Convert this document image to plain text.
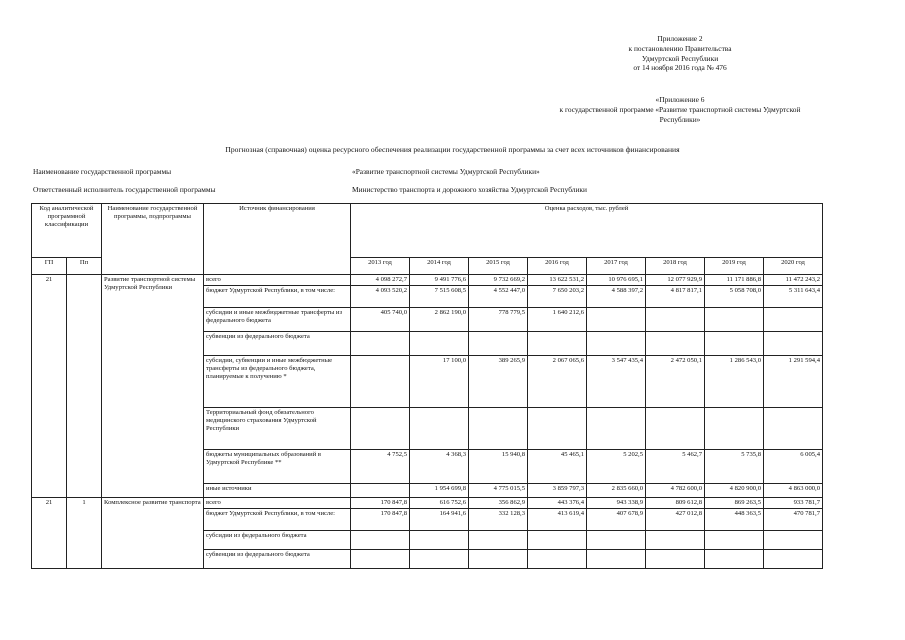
Приложение 2
к постановлению Правительства
Удмуртской Республики
от 14 ноября 2016 года № 476
«Приложение 6
к государственной программе «Развитие транспортной системы Удмуртской
Республики»
Прогнозная (справочная) оценка ресурсного обеспечения реализации государственной программы за счет всех источников финансирования
Наименование государственной программы	«Развитие транспортной системы Удмуртской Республики»
Ответственный исполнитель государственной программы	Министерство транспорта и дорожного хозяйства Удмуртской Республики
Код аналитической программной классификации		Наименование государственной программы, подпрограммы	Источник финансирования	Оценка расходов, тыс. рублей							

ГП	Пп			2013 год	2014 год	2015 год	2016 год	2017 год	2018 год	2019 год	2020 год
21		Развитие транспортной системы Удмуртской Республики	всего	4 098 272,7	9 491 776,6	9 732 669,2	13 622 531,2	10 976 695,1	12 077 929,9	11 171 886,8	11 472 243,2
			бюджет Удмуртской Республики, в том числе:	4 093 520,2	7 515 608,5	4 552 447,0	7 650 203,2	4 588 397,2	4 817 817,1	5 058 708,0	5 311 643,4
			субсидии и иные межбюджетные трансферты из федерального бюджета	405 740,0	2 862 190,0	778 779,5	1 640 212,6				
			субвенции из федерального бюджета								
			субсидии, субвенции и иные межбюджетные трансферты из федерального бюджета, планируемые к получению *		17 100,0	389 265,9	2 067 065,6	3 547 435,4	2 472 050,1	1 286 543,0	1 291 594,4
			Территориальный фонд обязательного медицинского страхования Удмуртской Республики								
			бюджеты муниципальных образований в Удмуртской Республике **	4 752,5	4 368,3	15 940,8	45 465,1	5 202,5	5 462,7	5 735,8	6 005,4
			иные источники		1 954 699,8	4 775 015,5	3 859 797,3	2 835 660,0	4 782 600,0	4 820 900,0	4 863 000,0
21	1	Комплексное развитие транспорта	всего	170 847,8	616 752,6	356 862,9	443 376,4	943 338,9	809 612,8	869 263,5	933 781,7
			бюджет Удмуртской Республики, в том числе:	170 847,8	164 941,6	332 128,3	413 619,4	407 678,9	427 012,8	448 363,5	470 781,7
			субсидии из федерального бюджета								
			субвенции из федерального бюджета								
